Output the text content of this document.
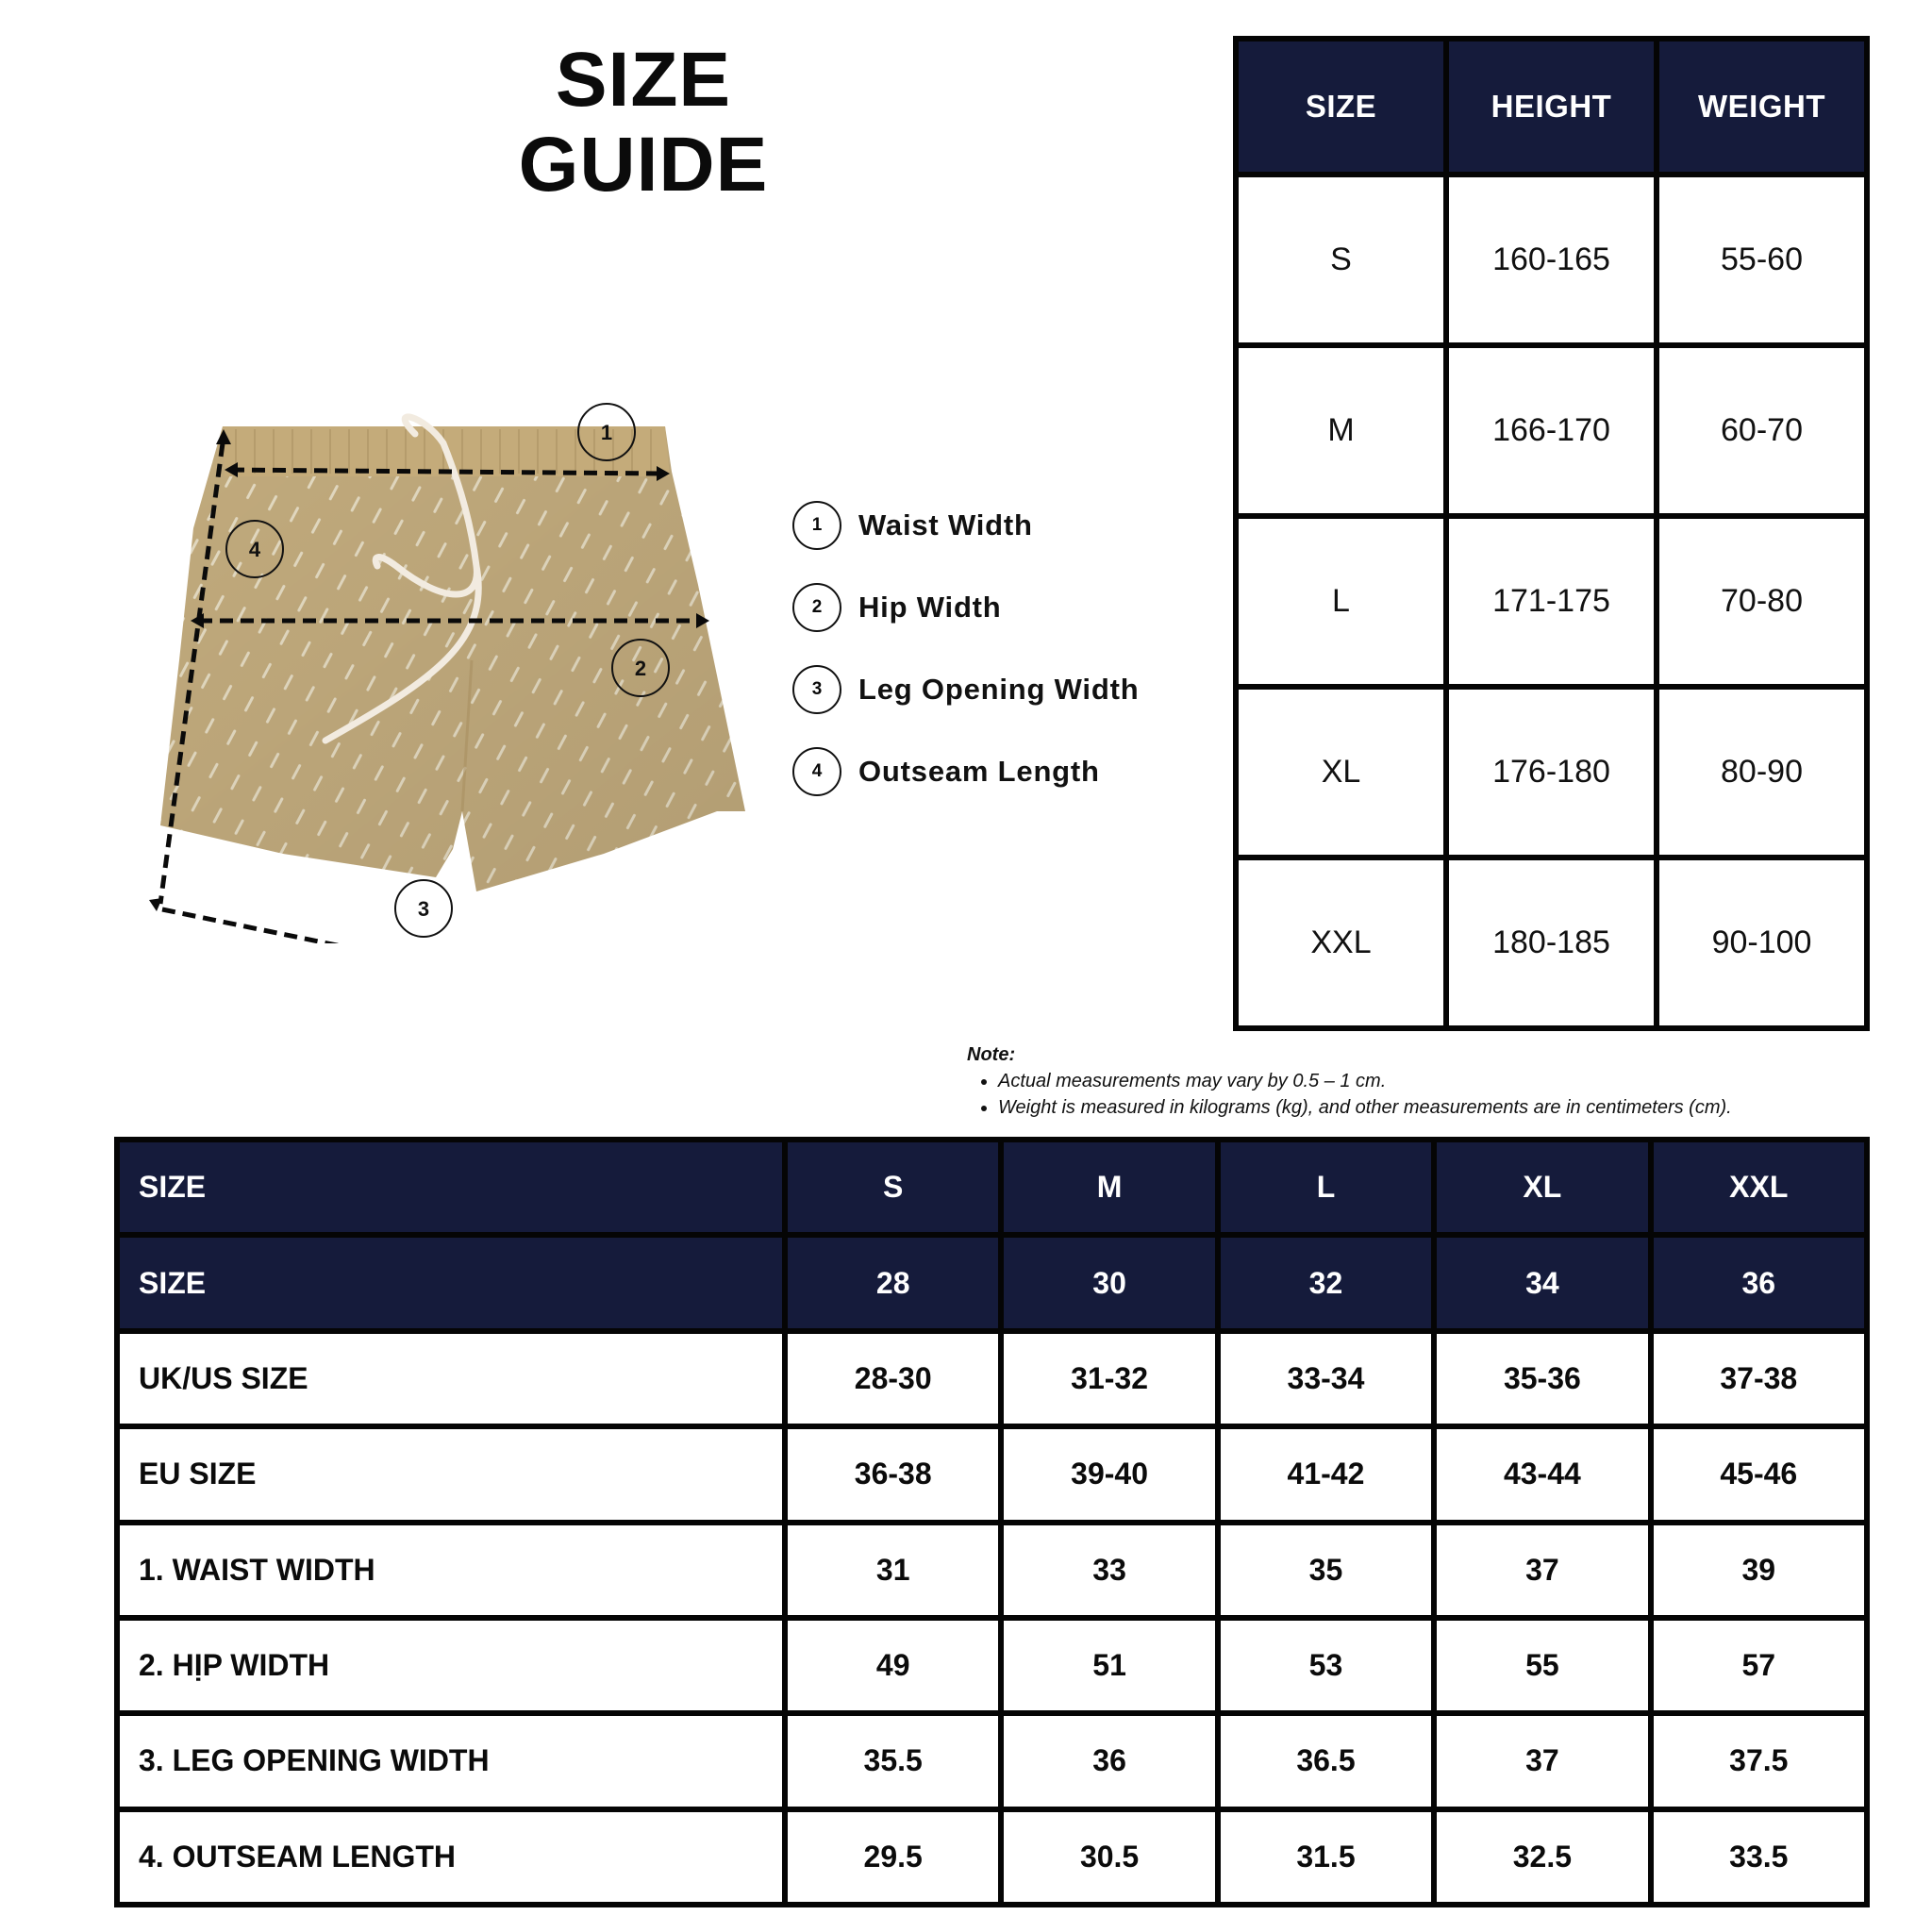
SIZE GUIDE
1
2
3
4
1	Waist Width
2	Hip Width
3	Leg Opening Width
4	Outseam Length
SIZE	HEIGHT	WEIGHT
S	160-165	55-60
M	166-170	60-70
L	171-175	70-80
XL	176-180	80-90
XXL	180-185	90-100
Note:
• Actual measurements may vary by 0.5 – 1 cm.
• Weight is measured in kilograms (kg), and other measurements are in centimeters (cm).
SIZE	S	M	L	XL	XXL
SIZE	28	30	32	34	36
UK/US SIZE	28-30	31-32	33-34	35-36	37-38
EU SIZE	36-38	39-40	41-42	43-44	45-46
1. WAIST WIDTH	31	33	35	37	39
2. HỊP WIDTH	49	51	53	55	57
3. LEG OPENING WIDTH	35.5	36	36.5	37	37.5
4. OUTSEAM LENGTH	29.5	30.5	31.5	32.5	33.5
